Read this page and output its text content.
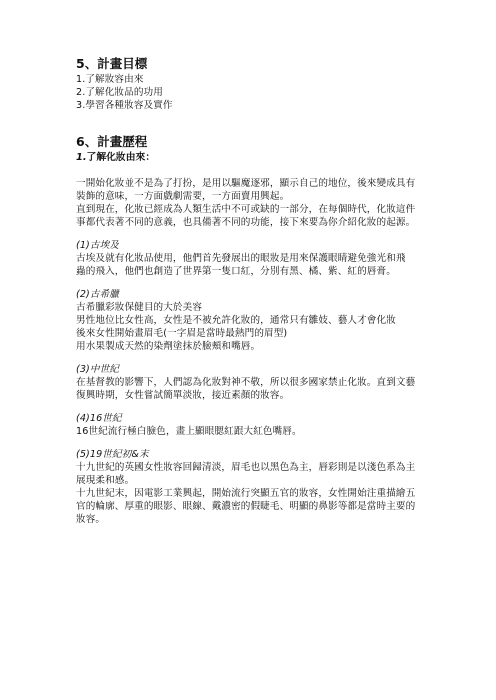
5、計畫目標
1.了解妝容由來
2.了解化妝品的功用
3.學習各種妝容及實作
6、計畫歷程
1.了解化妝由來：
一開始化妝並不是為了打扮，是用以驅魔逐邪，顯示自己的地位，後來變成具有
裝飾的意味，一方面戲劇需要，一方面賣用興起。
直到現在，化妝已經成為人類生活中不可或缺的一部分，在每個時代，化妝這件
事都代表著不同的意義，也具備著不同的功能，接下來要為你介紹化妝的起源。
(1)古埃及
古埃及就有化妝品使用，他們首先發展出的眼妝是用來保護眼睛避免強光和飛
蟲的飛入，他們也創造了世界第一隻口紅，分別有黑、橘、紫、紅的唇膏。
(2)古希臘
古希臘彩妝保健目的大於美容
男性地位比女性高，女性是不被允許化妝的，通常只有雛妓、藝人才會化妝
後來女性開始畫眉毛(一字眉是當時最熱門的眉型)
用水果製成天然的染劑塗抹於臉頰和嘴唇。
(3)中世紀
在基督教的影響下，人們認為化妝對神不敬，所以很多國家禁止化妝。直到文藝
復興時期，女性嘗試簡單淡妝，接近素顏的妝容。
(4)16世紀
16世紀流行極白臉色，畫上顯眼腮紅跟大紅色嘴唇。
(5)19世紀初&末
十九世紀的英國女性妝容回歸清淡，眉毛也以黑色為主，唇彩則是以淺色系為主
展現柔和感。
十九世紀末，因電影工業興起，開始流行突顯五官的妝容，女性開始注重描繪五
官的輪廓、厚重的眼影、眼線、戴濃密的假睫毛、明顯的鼻影等都是當時主要的
妝容。
